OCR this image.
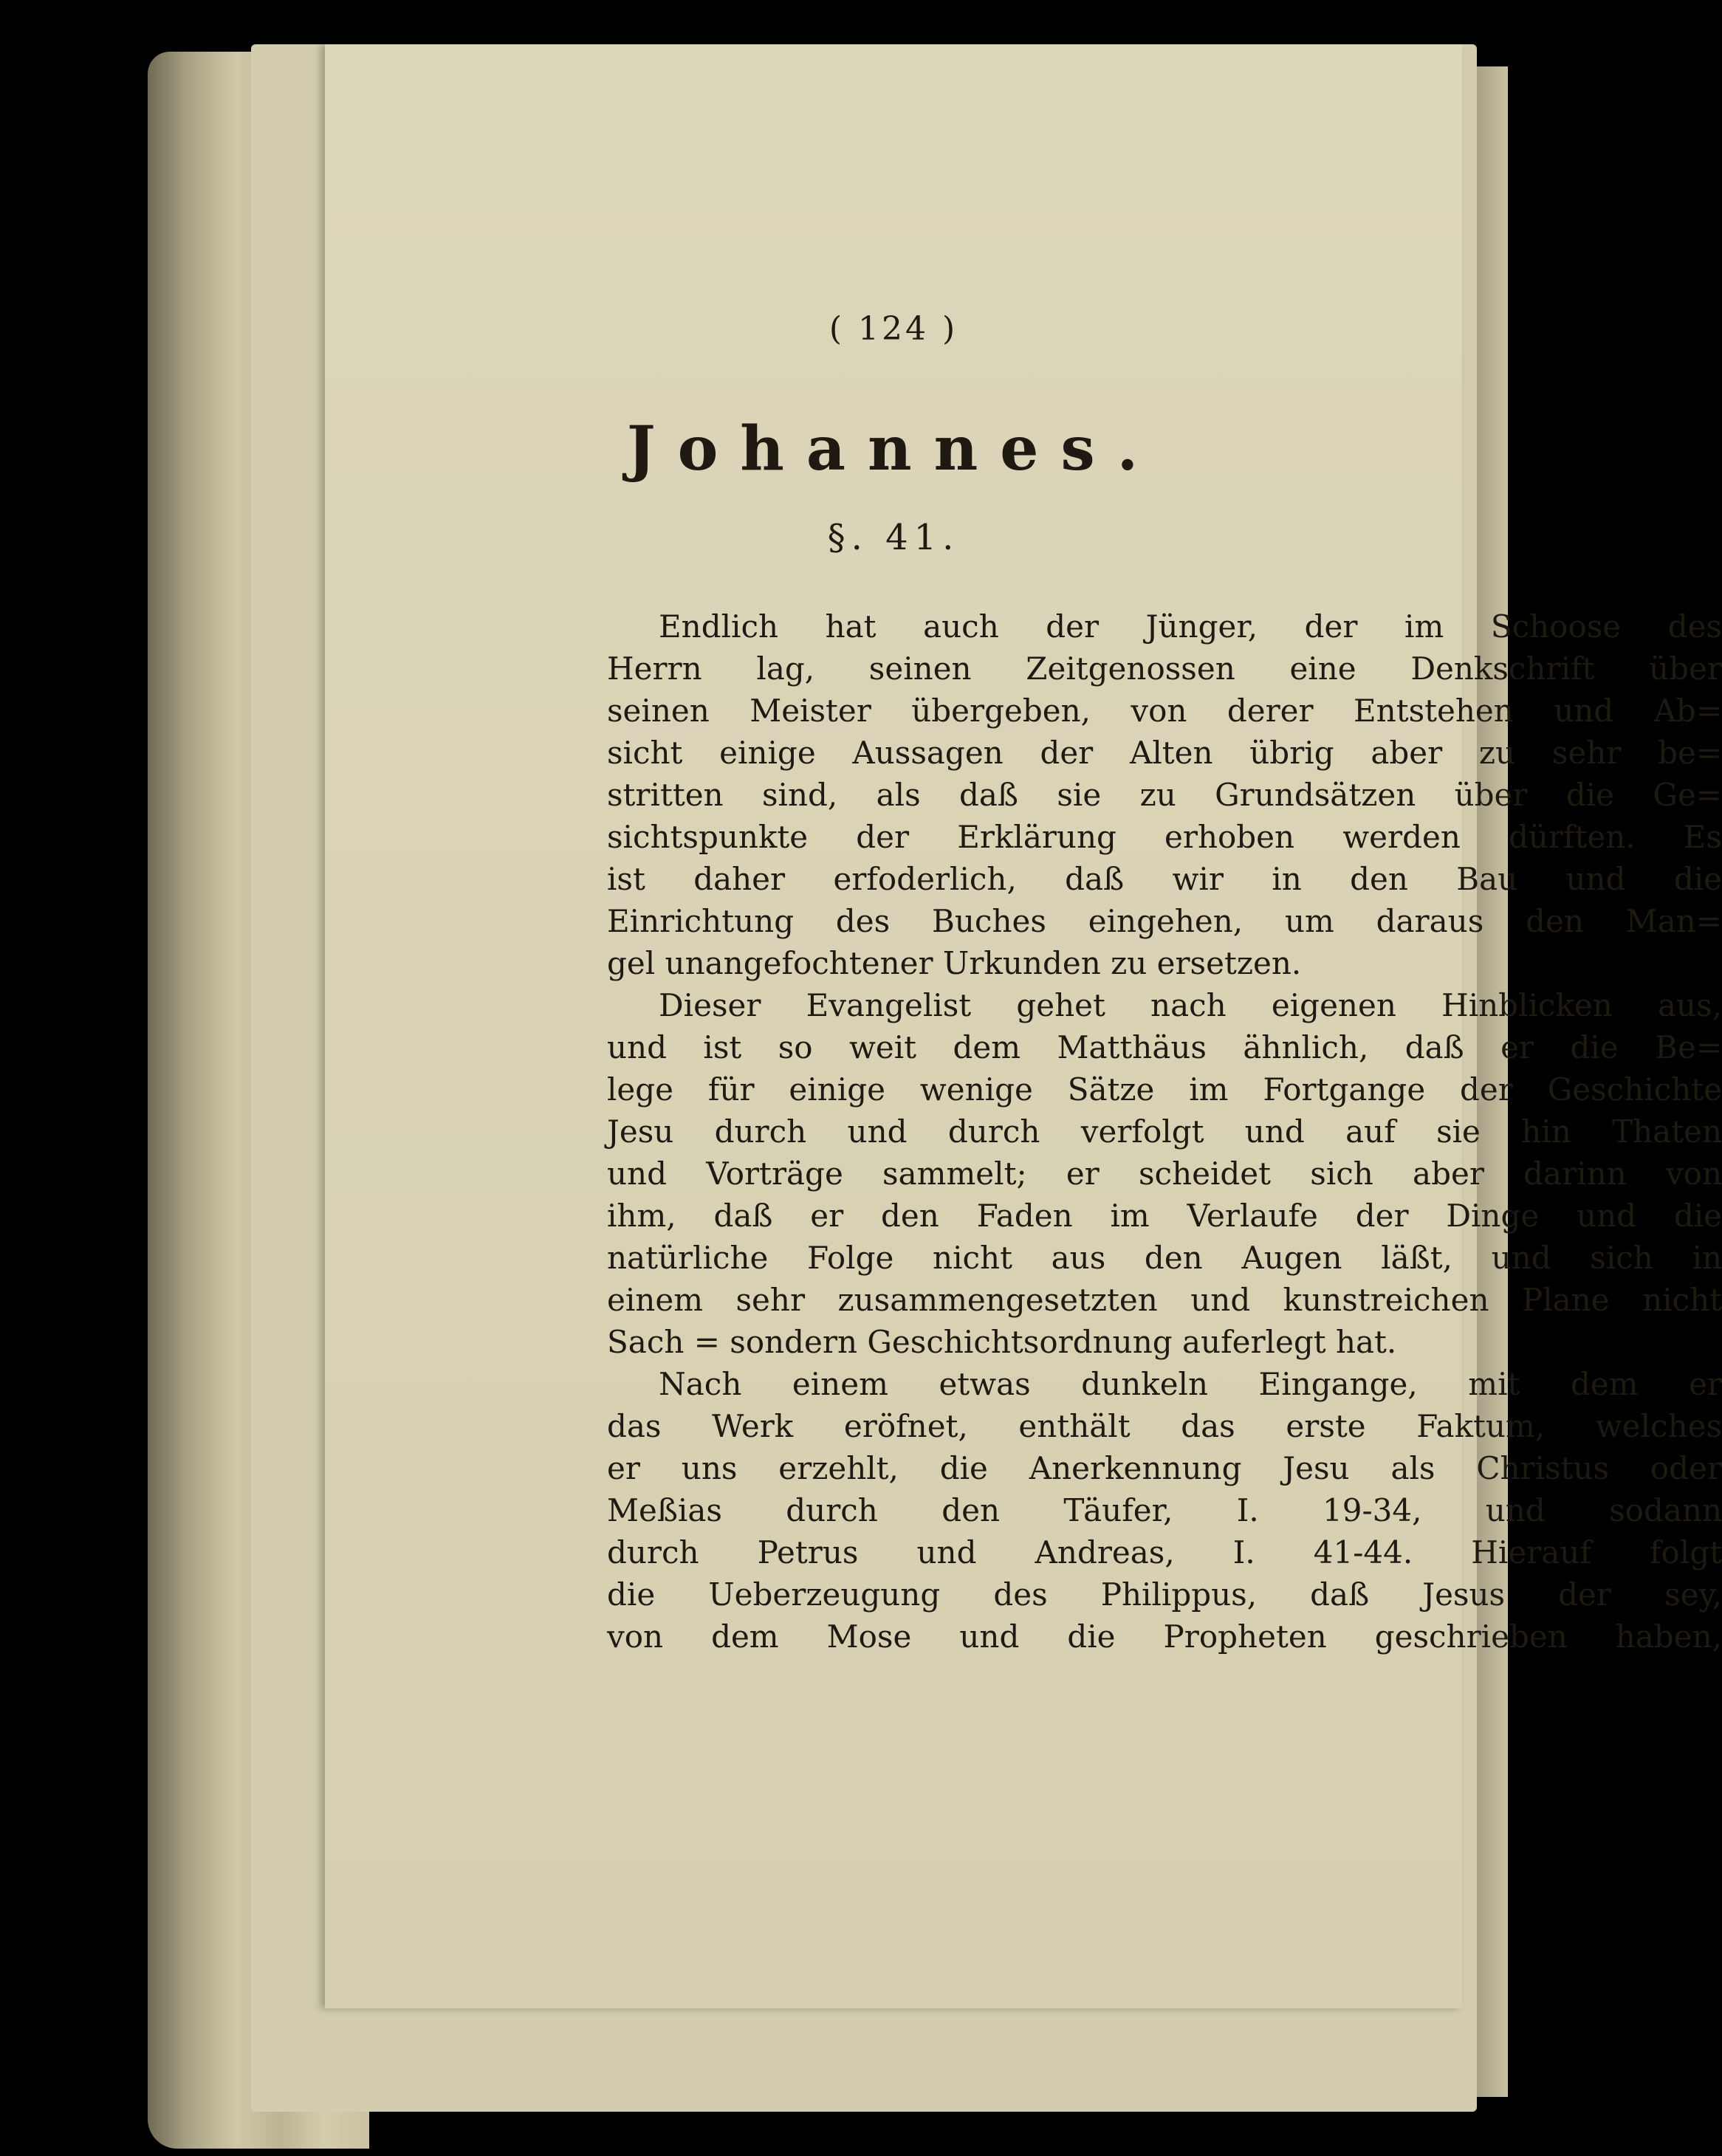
( 124 )
Johannes.
§. 41.
Endlich hat auch der Jünger, der im Schoose des
Herrn lag, seinen Zeitgenossen eine Denkschrift über
seinen Meister übergeben, von derer Entstehen und Ab=
sicht einige Aussagen der Alten übrig aber zu sehr be=
stritten sind, als daß sie zu Grundsätzen über die Ge=
sichtspunkte der Erklärung erhoben werden dürften. Es
ist daher erfoderlich, daß wir in den Bau und die
Einrichtung des Buches eingehen, um daraus den Man=
gel unangefochtener Urkunden zu ersetzen.
Dieser Evangelist gehet nach eigenen Hinblicken aus,
und ist so weit dem Matthäus ähnlich, daß er die Be=
lege für einige wenige Sätze im Fortgange der Geschichte
Jesu durch und durch verfolgt und auf sie hin Thaten
und Vorträge sammelt; er scheidet sich aber darinn von
ihm, daß er den Faden im Verlaufe der Dinge und die
natürliche Folge nicht aus den Augen läßt, und sich in
einem sehr zusammengesetzten und kunstreichen Plane nicht
Sach = sondern Geschichtsordnung auferlegt hat.
Nach einem etwas dunkeln Eingange, mit dem er
das Werk eröfnet, enthält das erste Faktum, welches
er uns erzehlt, die Anerkennung Jesu als Christus oder
Meßias durch den Täufer, I. 19-34, und sodann
durch Petrus und Andreas, I. 41-44. Hierauf folgt
die Ueberzeugung des Philippus, daß Jesus der sey,
von dem Mose und die Propheten geschrieben haben,
